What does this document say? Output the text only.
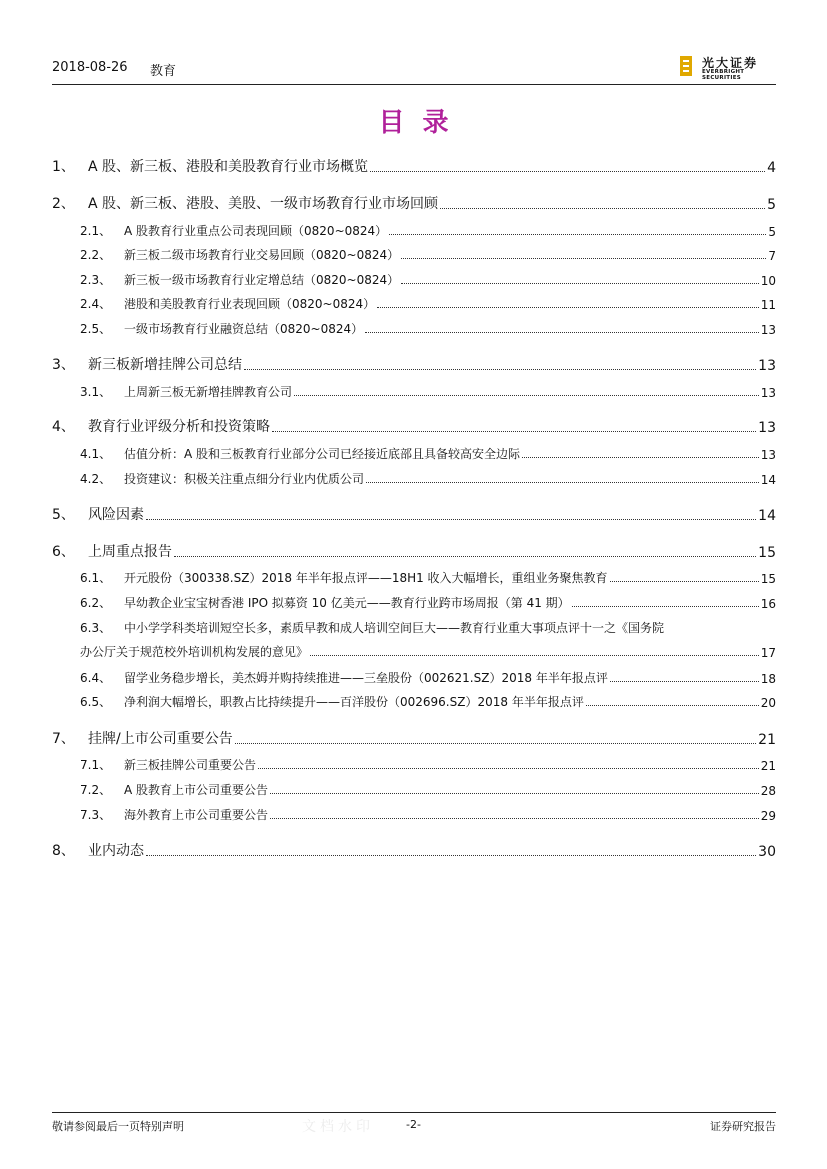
2018-08-26 教育
光大证券
EVERBRIGHT SECURITIES
目录
1、 A 股、新三板、港股和美股教育行业市场概览	4
2、 A 股、新三板、港股、美股、一级市场教育行业市场回顾	5
2.1、	A 股教育行业重点公司表现回顾（0820~0824）	5
2.2、	新三板二级市场教育行业交易回顾（0820~0824）	7
2.3、	新三板一级市场教育行业定增总结（0820~0824）	10
2.4、	港股和美股教育行业表现回顾（0820~0824）	11
2.5、	一级市场教育行业融资总结（0820~0824）	13
3、 新三板新增挂牌公司总结	13
3.1、	上周新三板无新增挂牌教育公司	13
4、 教育行业评级分析和投资策略	13
4.1、	估值分析：A 股和三板教育行业部分公司已经接近底部且具备较高安全边际	13
4.2、	投资建议：积极关注重点细分行业内优质公司	14
5、 风险因素	14
6、 上周重点报告	15
6.1、	开元股份（300338.SZ）2018 年半年报点评——18H1 收入大幅增长，重组业务聚焦教育	15
6.2、	早幼教企业宝宝树香港 IPO 拟募资 10 亿美元——教育行业跨市场周报（第 41 期）	16
6.3、	中小学学科类培训短空长多，素质早教和成人培训空间巨大——教育行业重大事项点评十一之《国务院
办公厅关于规范校外培训机构发展的意见》	17
6.4、	留学业务稳步增长，美杰姆并购持续推进——三垒股份（002621.SZ）2018 年半年报点评	18
6.5、	净利润大幅增长，职教占比持续提升——百洋股份（002696.SZ）2018 年半年报点评	20
7、 挂牌/上市公司重要公告	21
7.1、	新三板挂牌公司重要公告	21
7.2、	A 股教育上市公司重要公告	28
7.3、	海外教育上市公司重要公告	29
8、 业内动态	30
敬请参阅最后一页特别声明	文档水印	-2-	证券研究报告
